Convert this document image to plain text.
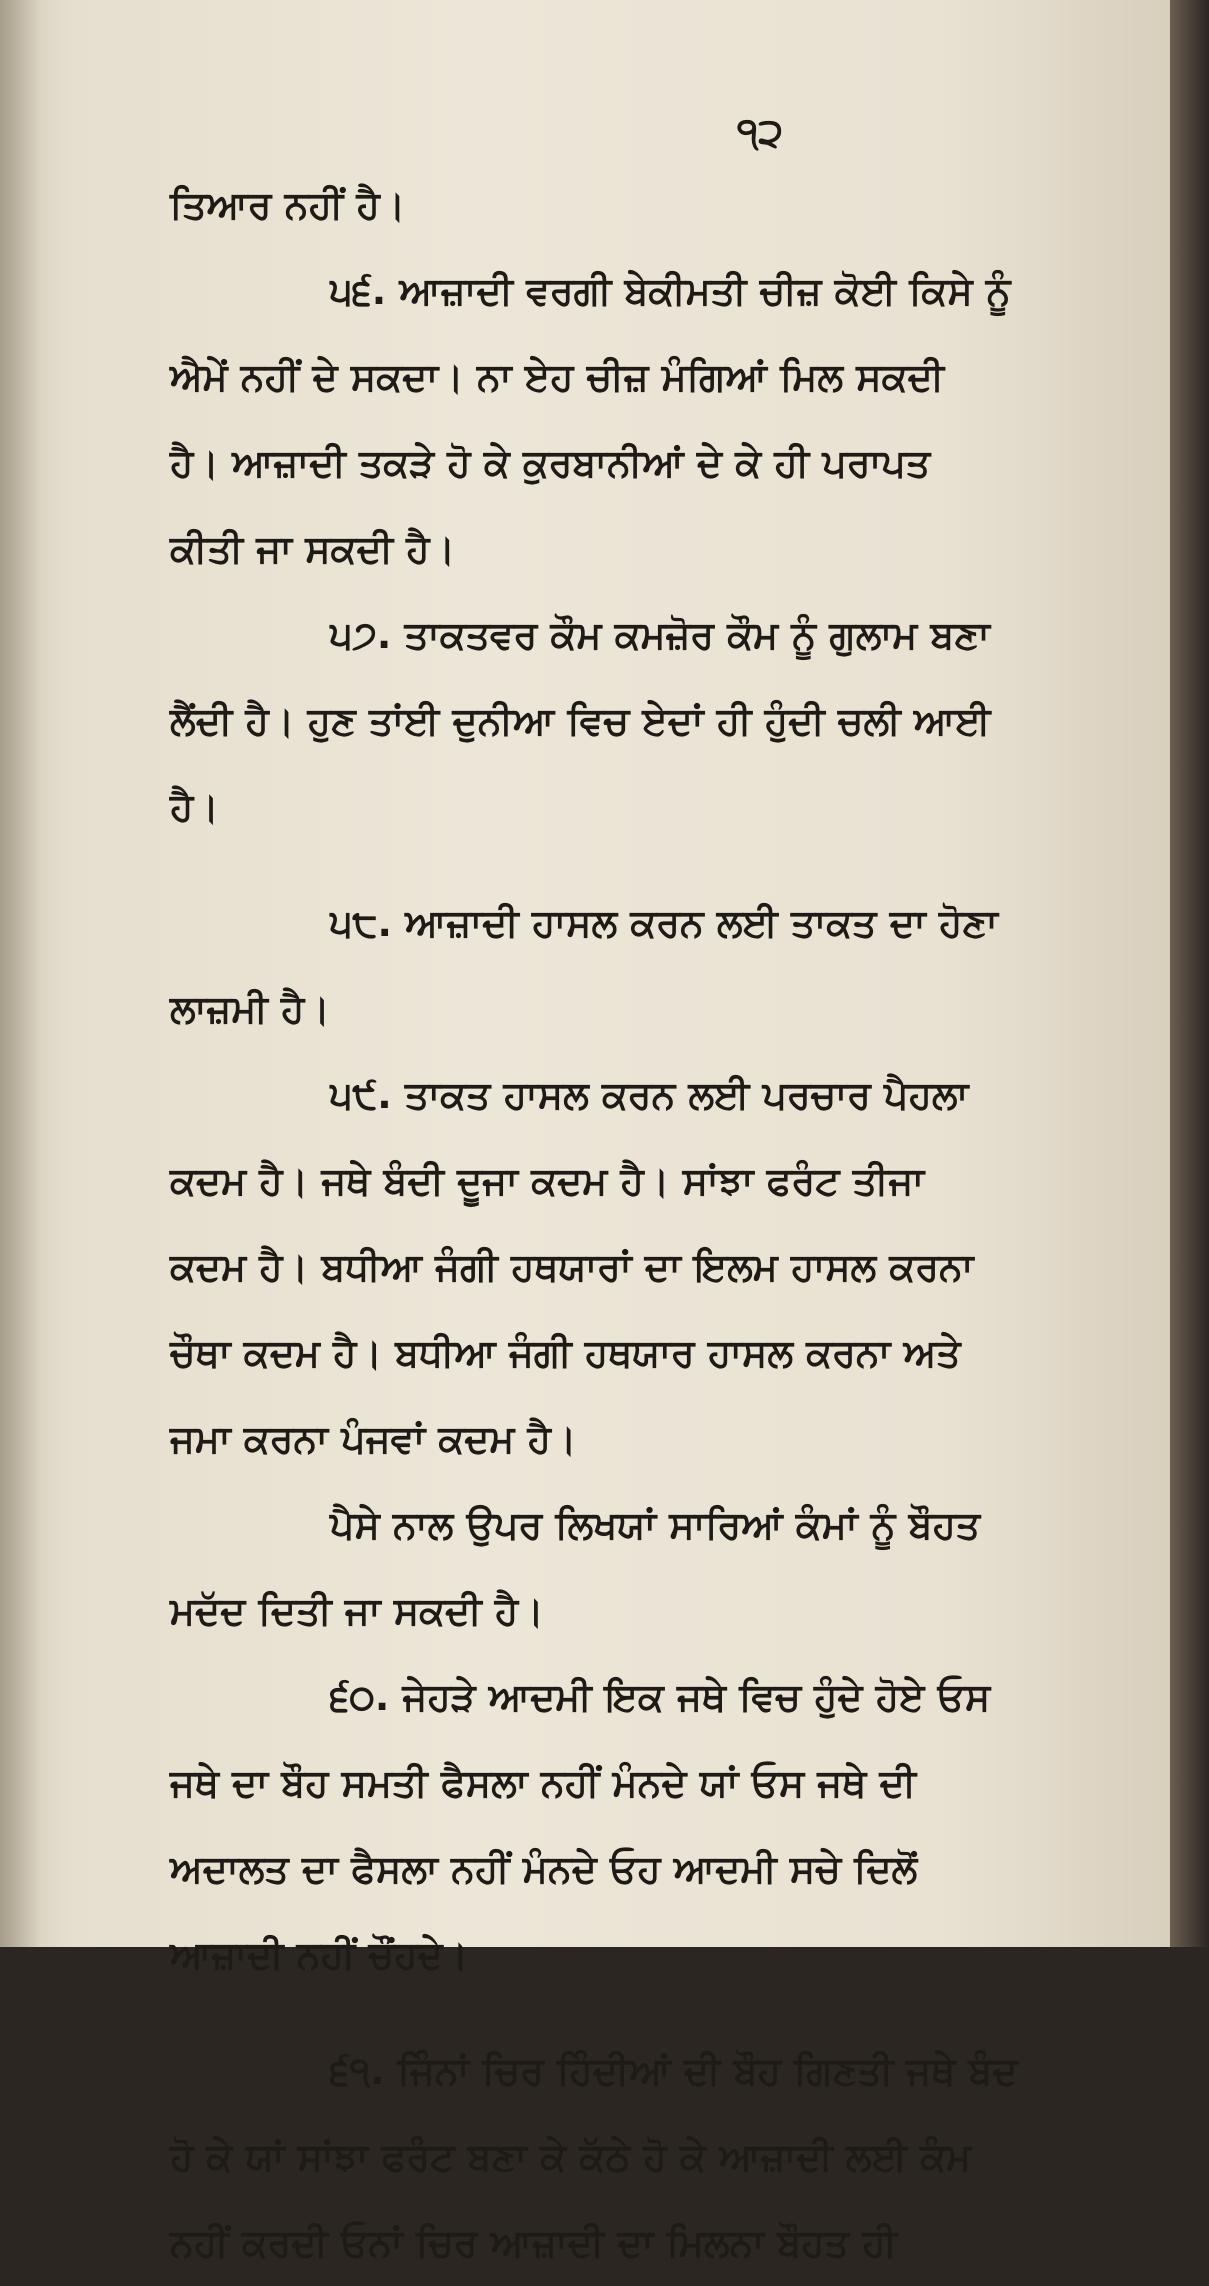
੧੨
ਤਿਆਰ ਨਹੀਂ ਹੈ।
੫੬. ਆਜ਼ਾਦੀ ਵਰਗੀ ਬੇਕੀਮਤੀ ਚੀਜ਼ ਕੋਈ ਕਿਸੇ ਨੂੰ
ਐਮੇਂ ਨਹੀਂ ਦੇ ਸਕਦਾ। ਨਾ ਏਹ ਚੀਜ਼ ਮੰਗਿਆਂ ਮਿਲ ਸਕਦੀ
ਹੈ। ਆਜ਼ਾਦੀ ਤਕੜੇ ਹੋ ਕੇ ਕੁਰਬਾਨੀਆਂ ਦੇ ਕੇ ਹੀ ਪਰਾਪਤ
ਕੀਤੀ ਜਾ ਸਕਦੀ ਹੈ।
੫੭. ਤਾਕਤਵਰ ਕੌਮ ਕਮਜ਼ੋਰ ਕੌਮ ਨੂੰ ਗੁਲਾਮ ਬਣਾ
ਲੈਂਦੀ ਹੈ। ਹੁਣ ਤਾਂਈ ਦੁਨੀਆ ਵਿਚ ਏਦਾਂ ਹੀ ਹੁੰਦੀ ਚਲੀ ਆਈ
ਹੈ।
੫੮. ਆਜ਼ਾਦੀ ਹਾਸਲ ਕਰਨ ਲਈ ਤਾਕਤ ਦਾ ਹੋਣਾ
ਲਾਜ਼ਮੀ ਹੈ।
੫੯. ਤਾਕਤ ਹਾਸਲ ਕਰਨ ਲਈ ਪਰਚਾਰ ਪੈਹਲਾ
ਕਦਮ ਹੈ। ਜਥੇ ਬੰਦੀ ਦੂਜਾ ਕਦਮ ਹੈ। ਸਾਂਝਾ ਫਰੰਟ ਤੀਜਾ
ਕਦਮ ਹੈ। ਬਧੀਆ ਜੰਗੀ ਹਥਯਾਰਾਂ ਦਾ ਇਲਮ ਹਾਸਲ ਕਰਨਾ
ਚੌਥਾ ਕਦਮ ਹੈ। ਬਧੀਆ ਜੰਗੀ ਹਥਯਾਰ ਹਾਸਲ ਕਰਨਾ ਅਤੇ
ਜਮਾ ਕਰਨਾ ਪੰਜਵਾਂ ਕਦਮ ਹੈ।
ਪੈਸੇ ਨਾਲ ਉਪਰ ਲਿਖਯਾਂ ਸਾਰਿਆਂ ਕੰਮਾਂ ਨੂੰ ਬੌਹਤ
ਮਦੱਦ ਦਿਤੀ ਜਾ ਸਕਦੀ ਹੈ।
੬੦. ਜੇਹੜੇ ਆਦਮੀ ਇਕ ਜਥੇ ਵਿਚ ਹੁੰਦੇ ਹੋਏ ਓਸ
ਜਥੇ ਦਾ ਬੌਹ ਸਮਤੀ ਫੈਸਲਾ ਨਹੀਂ ਮੰਨਦੇ ਯਾਂ ਓਸ ਜਥੇ ਦੀ
ਅਦਾਲਤ ਦਾ ਫੈਸਲਾ ਨਹੀਂ ਮੰਨਦੇ ਓਹ ਆਦਮੀ ਸਚੇ ਦਿਲੋਂ
ਆਜ਼ਾਦੀ ਨਹੀਂ ਚੌਂਹਦੇ।
੬੧. ਜਿੰਨਾਂ ਚਿਰ ਹਿੰਦੀਆਂ ਦੀ ਬੌਹ ਗਿਣਤੀ ਜਥੇ ਬੰਦ
ਹੋ ਕੇ ਯਾਂ ਸਾਂਝਾ ਫਰੰਟ ਬਣਾ ਕੇ ਕੱਠੇ ਹੋ ਕੇ ਆਜ਼ਾਦੀ ਲਈ ਕੰਮ
ਨਹੀਂ ਕਰਦੀ ਓਨਾਂ ਚਿਰ ਆਜ਼ਾਦੀ ਦਾ ਮਿਲਨਾ ਬੌਹਤ ਹੀ
